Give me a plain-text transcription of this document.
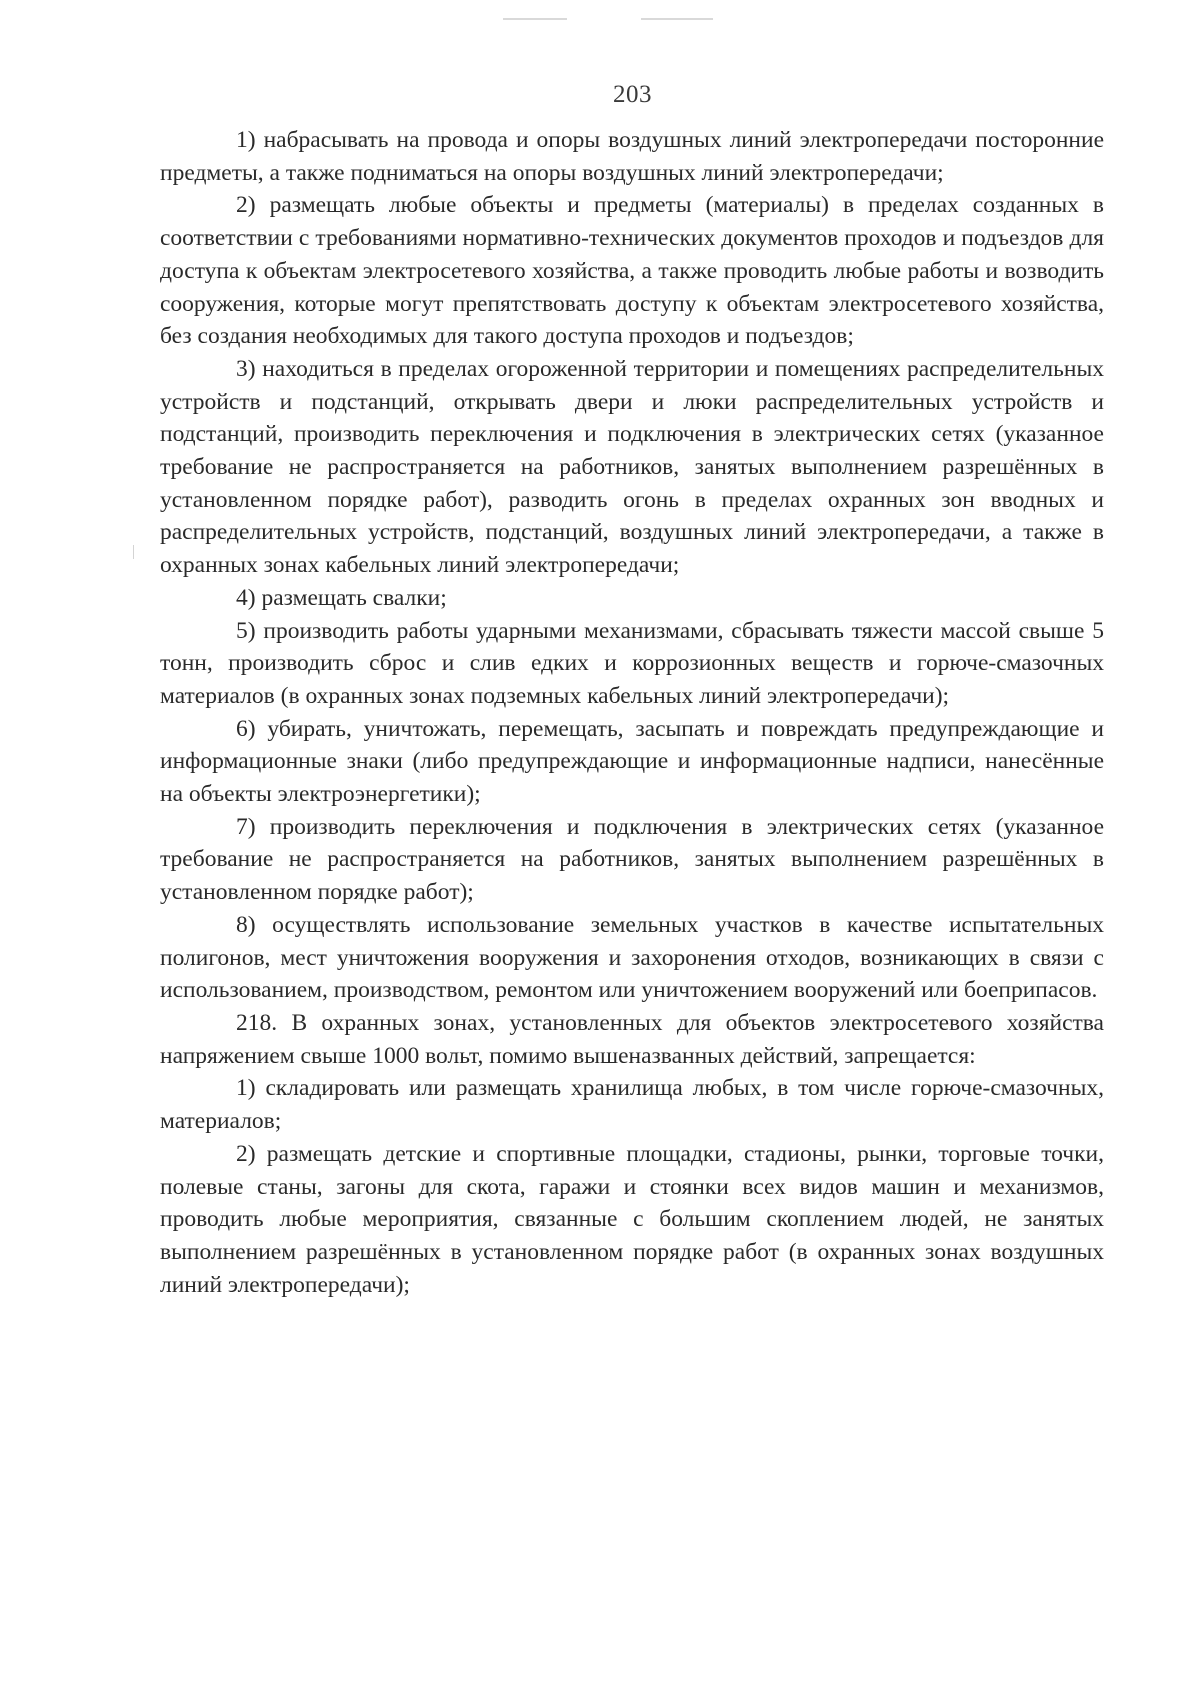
203

1) набрасывать на провода и опоры воздушных линий электропередачи посторонние предметы, а также подниматься на опоры воздушных линий электропередачи;

2) размещать любые объекты и предметы (материалы) в пределах созданных в соответствии с требованиями нормативно-технических документов проходов и подъездов для доступа к объектам электросетевого хозяйства, а также проводить любые работы и возводить сооружения, которые могут препятствовать доступу к объектам электросетевого хозяйства, без создания необходимых для такого доступа проходов и подъездов;

3) находиться в пределах огороженной территории и помещениях распределительных устройств и подстанций, открывать двери и люки распределительных устройств и подстанций, производить переключения и подключения в электрических сетях (указанное требование не распространяется на работников, занятых выполнением разрешённых в установленном порядке работ), разводить огонь в пределах охранных зон вводных и распределительных устройств, подстанций, воздушных линий электропередачи, а также в охранных зонах кабельных линий электропередачи;

4) размещать свалки;

5) производить работы ударными механизмами, сбрасывать тяжести массой свыше 5 тонн, производить сброс и слив едких и коррозионных веществ и горюче-смазочных материалов (в охранных зонах подземных кабельных линий электропередачи);

6) убирать, уничтожать, перемещать, засыпать и повреждать предупреждающие и информационные знаки (либо предупреждающие и информационные надписи, нанесённые на объекты электроэнергетики);

7) производить переключения и подключения в электрических сетях (указанное требование не распространяется на работников, занятых выполнением разрешённых в установленном порядке работ);

8) осуществлять использование земельных участков в качестве испытательных полигонов, мест уничтожения вооружения и захоронения отходов, возникающих в связи с использованием, производством, ремонтом или уничтожением вооружений или боеприпасов.

218. В охранных зонах, установленных для объектов электросетевого хозяйства напряжением свыше 1000 вольт, помимо вышеназванных действий, запрещается:

1) складировать или размещать хранилища любых, в том числе горюче-смазочных, материалов;

2) размещать детские и спортивные площадки, стадионы, рынки, торговые точки, полевые станы, загоны для скота, гаражи и стоянки всех видов машин и механизмов, проводить любые мероприятия, связанные с большим скоплением людей, не занятых выполнением разрешённых в установленном порядке работ (в охранных зонах воздушных линий электропередачи);
